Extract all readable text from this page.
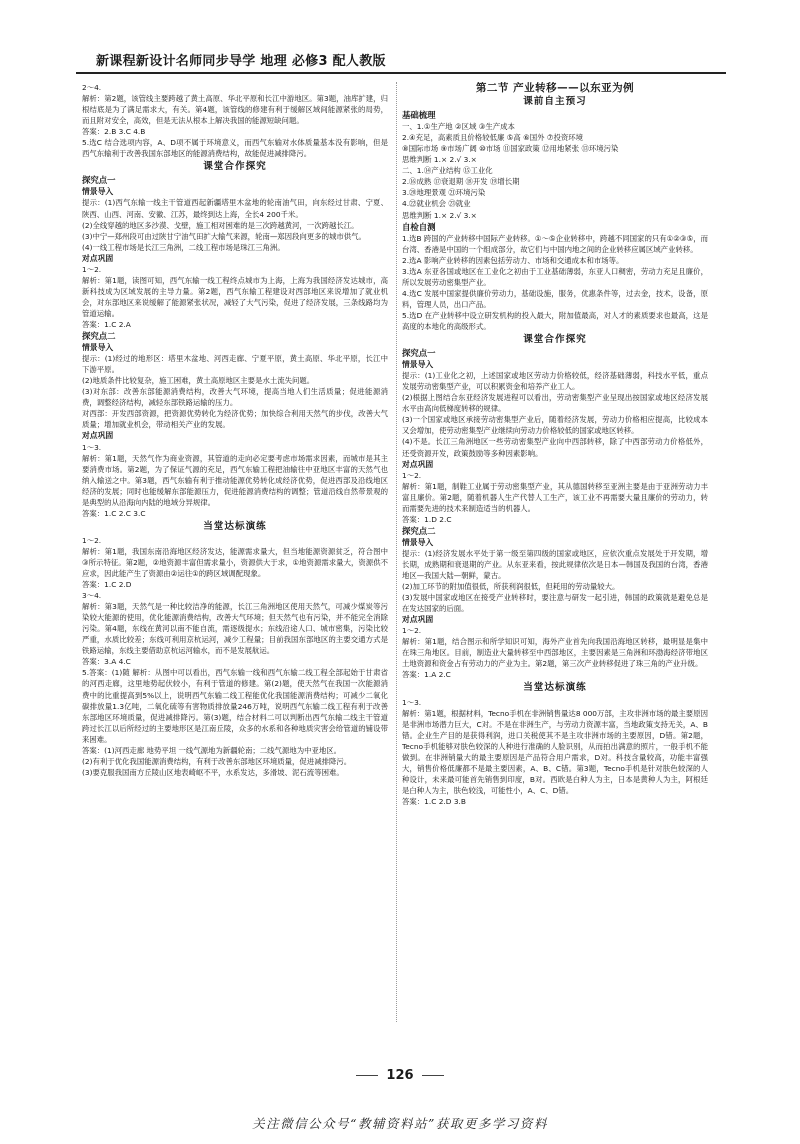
新课程新设计名师同步导学 地理 必修3 配人教版

2～4.

解析：第2题，该管线主要跨越了黄土高原、华北平原和长江中游地区。第3题，油库扩建，归根结底是为了满足需求大，有关。第4题，该管线的修建有利于缓解区域间能源紧张的局势，而且附对安全，高效，但是无法从根本上解决我国的能源短缺问题。

答案：2.B 3.C 4.B

5.选C 结合选项内容，A、D项不属于环境意义，而西气东输对水体质量基本没有影响，但是西气东输利于改善我国东部地区的能源消费结构，故能促进减排降污。

课堂合作探究
探究点一
情景导入

提示：(1)西气东输一线主干管道西起新疆塔里木盆地的轮南油气田，向东经过甘肃、宁夏、陕西、山西、河南、安徽、江苏，最终到达上海，全长4 200千米。

(2)全线穿越的地区多沙漠、戈壁，施工相对困难的是三次跨越黄河，一次跨越长江。

(3)中宁—郑州段可由过陕甘宁油气田扩大输气来源，轮南—郑因段向更多的城市供气。

(4)一线工程市场是长江三角洲，二线工程市场是珠江三角洲。

对点巩固

1～2.

解析：第1题，读图可知，西气东输一线工程终点城市为上海，上海为我国经济发达城市，高新科技成为区域发展的主导力量。第2题，西气东输工程建设对西部地区来说增加了就业机会，对东部地区来说缓解了能源紧张状况，减轻了大气污染，促进了经济发展，三条线路均为管道运输。

答案：1.C 2.A

探究点二
情景导入

提示：(1)经过的地形区：塔里木盆地、河西走廊、宁夏平原，黄土高原、华北平原，长江中下游平原。

(2)地质条件比较复杂，施工困难，黄土高原地区主要是水土流失问题。

(3)对东部：改善东部能源消费结构，改善大气环境，提高当地人们生活质量；促进能源消费，调整经济结构，减轻东部铁路运输的压力。

对西部：开发西部资源，把资源优势转化为经济优势；加快综合利用天然气的步伐，改善大气质量；增加就业机会，带动相关产业的发展。

对点巩固

1～3.

解析：第1题，天然气作为商业资源，其管道的走向必定要考虑市场需求因素，而城市是其主要消费市场。第2题，为了保证气源的充足，西气东输工程把油输往中亚地区丰富的天然气也纳入输送之中。第3题，西气东输有利于推动能源优势转化成经济优势，促进西部及沿线地区经济的发展；同时也能缓解东部能源压力，促进能源消费结构的调整；管道沿线自然带景观的是典型的从沿海向内陆的地域分异规律。

答案：1.C 2.C 3.C

当堂达标演练

1～2.

解析：第1题，我国东南沿海地区经济发达，能源需求量大，但当地能源资源贫乏，符合图中③所示特征。第2题，②地资源丰富但需求量小，资源供大于求，①地资源需求量大，资源供不应求，因此能产生了资源由②运往①的跨区域调配现象。

答案：1.C 2.D

3～4.

解析：第3题，天然气是一种比较洁净的能源，长江三角洲地区使用天然气，可减少煤炭等污染较大能源的使用，优化能源消费结构，改善大气环境；但天然气也有污染，并不能完全消除污染。第4题，东线在黄河以南不能自流，需逐级提水；东线沿途人口、城市密集，污染比较严重，水质比较差；东线可利用京杭运河，减少工程量；目前我国东部地区的主要交通方式是铁路运输，东线主要借助京杭运河输水，而不是发展航运。

答案：3.A 4.C

5.答案：(1)随 解析：从图中可以看出，西气东输一线和西气东输二线工程全部起始于甘肃省的河西走廊，这里地势起伏较小，有利于管道的修建。第(2)题，使天然气在我国一次能源消费中的比重提高到5%以上，说明西气东输二线工程能优化我国能源消费结构；可减少二氧化碳排放量1.3亿吨，二氧化硫等有害物质排放量246万吨，说明西气东输二线工程有利于改善东部地区环境质量，促进减排降污。第(3)题，结合材料二可以判断出西气东输二线主干管道跨过长江以后所经过的主要地形区是江南丘陵，众多的水系和各种地质灾害会给管道的铺设带来困难。

答案：(1)河西走廊 地势平坦 一线气源地为新疆轮南；二线气源地为中亚地区。

(2)有利于优化我国能源消费结构，有利于改善东部地区环境质量，促进减排降污。

(3)要克服我国南方丘陵山区地表崎岖不平，水系发达，多滑坡、泥石流等困难。

第二节 产业转移——以东亚为例
课前自主预习
基础梳理

一、1.①生产地 ②区域 ③生产成本

2.④充足，高素质且价格较低廉 ⑤高 ⑥国外 ⑦投资环境

⑧国际市场 ⑨市场广阔 ⑩市场 ⑪国家政策 ⑫用地紧张 ⑬环境污染

思维判断 1.× 2.√ 3.×

二、1.⑭产业结构 ⑮工业化

2.⑯成熟 ⑰衰退期 ⑱开发 ⑲增长期

3.⑳地理景观 ㉑环境污染

4.㉒就业机会 ㉓就业

思维判断 1.× 2.√ 3.×

自检自测

1.选B 跨国的产业转移中国际产业转移。①～⑤企业转移中，跨越不同国家的只有①②③⑤，而台湾、香港是中国的一个组成部分，故它们与中国内地之间的企业转移应属区域产业转移。

2.选A 影响产业转移的因素包括劳动力、市场和交通成本和市场等。

3.选A 东亚各国或地区在工业化之初由于工业基础薄弱，东亚人口稠密，劳动力充足且廉价，所以发展劳动密集型产业。

4.选C 发展中国家提供廉价劳动力，基础设施，服务，优惠条件等，过去金，技术，设备，原料，管理人员，出口产品。

5.选D 在产业转移中设立研发机构的投入最大，附加值最高，对人才的素质要求也最高，这是高度的本地化的高级形式。

课堂合作探究
探究点一
情景导入

提示：(1)工业化之初，上述国家或地区劳动力价格较低，经济基础薄弱，科技水平低，重点发展劳动密集型产业，可以积累资金和培养产业工人。

(2)根据上图结合东亚经济发展进程可以看出，劳动密集型产业呈现出按国家或地区经济发展水平由高向低梯度转移的规律。

(3)一个国家或地区承接劳动密集型产业后，随着经济发展，劳动力价格相应提高，比较成本又会增加，使劳动密集型产业继续向劳动力价格较低的国家或地区转移。

(4)不是。长江三角洲地区一些劳动密集型产业向中西部转移，除了中西部劳动力价格低外，还受资源开发，政策鼓励等多种因素影响。

对点巩固

1～2.

解析：第1题，制鞋工业属于劳动密集型产业，其从德国转移至亚洲主要是由于亚洲劳动力丰富且廉价。第2题，随着机器人生产代替人工生产，该工业不再需要大量且廉价的劳动力，转而需要先进的技术来制造适当的机器人。

答案：1.D 2.C

探究点二
情景导入

提示：(1)经济发展水平处于第一级至第四级的国家或地区，应依次重点发展处于开发期，增长期，成熟期和衰退期的产业。从东亚来看，按此规律依次是日本—韩国及我国的台湾，香港地区—我国大陆—朝鲜，蒙古。

(2)加工环节的附加值很低，所获利润很低，但耗用的劳动量较大。

(3)发展中国家或地区在接受产业转移时，要注意与研发一起引进，韩国的政策就是避免总是在发达国家的后面。

对点巩固

1～2.

解析：第1题，结合图示和所学知识可知，海外产业首先向我国沿海地区转移，最明显是集中在珠三角地区。目前，制造业大量转移至中西部地区，主要因素是三角洲和环渤海经济带地区土地资源和资金占有劳动力的产业为主。第2题，第三次产业转移促进了珠三角的产业升级。

答案：1.A 2.C

当堂达标演练

1～3.

解析：第1题，根据材料，Tecno手机在非洲销售量达8 000万部，主攻非洲市场的最主要原因是非洲市场潜力巨大，C对。不是在非洲生产，与劳动力资源丰富，当地政策支持无关，A、B错。企业生产目的是获得利润，进口关税使其不是主攻非洲市场的主要原因，D错。第2题，Tecno手机能够对肤色较深的人种进行准确的人脸识别，从而拍出满意的照片，一般手机不能做到。在非洲销量大的最主要原因是产品符合用户需求，D对。科技含量较高，功能丰富强大，销售价格低廉都不是最主要因素，A、B、C错。第3题，Tecno手机是针对肤色较深的人种设计，未来最可能首先销售到印度，B对。西欧是白种人为主，日本是黄种人为主，阿根廷是白种人为主，肤色较浅，可能性小，A、C、D错。

答案：1.C 2.D 3.B

126
关注微信公众号“教辅资料站”获取更多学习资料
